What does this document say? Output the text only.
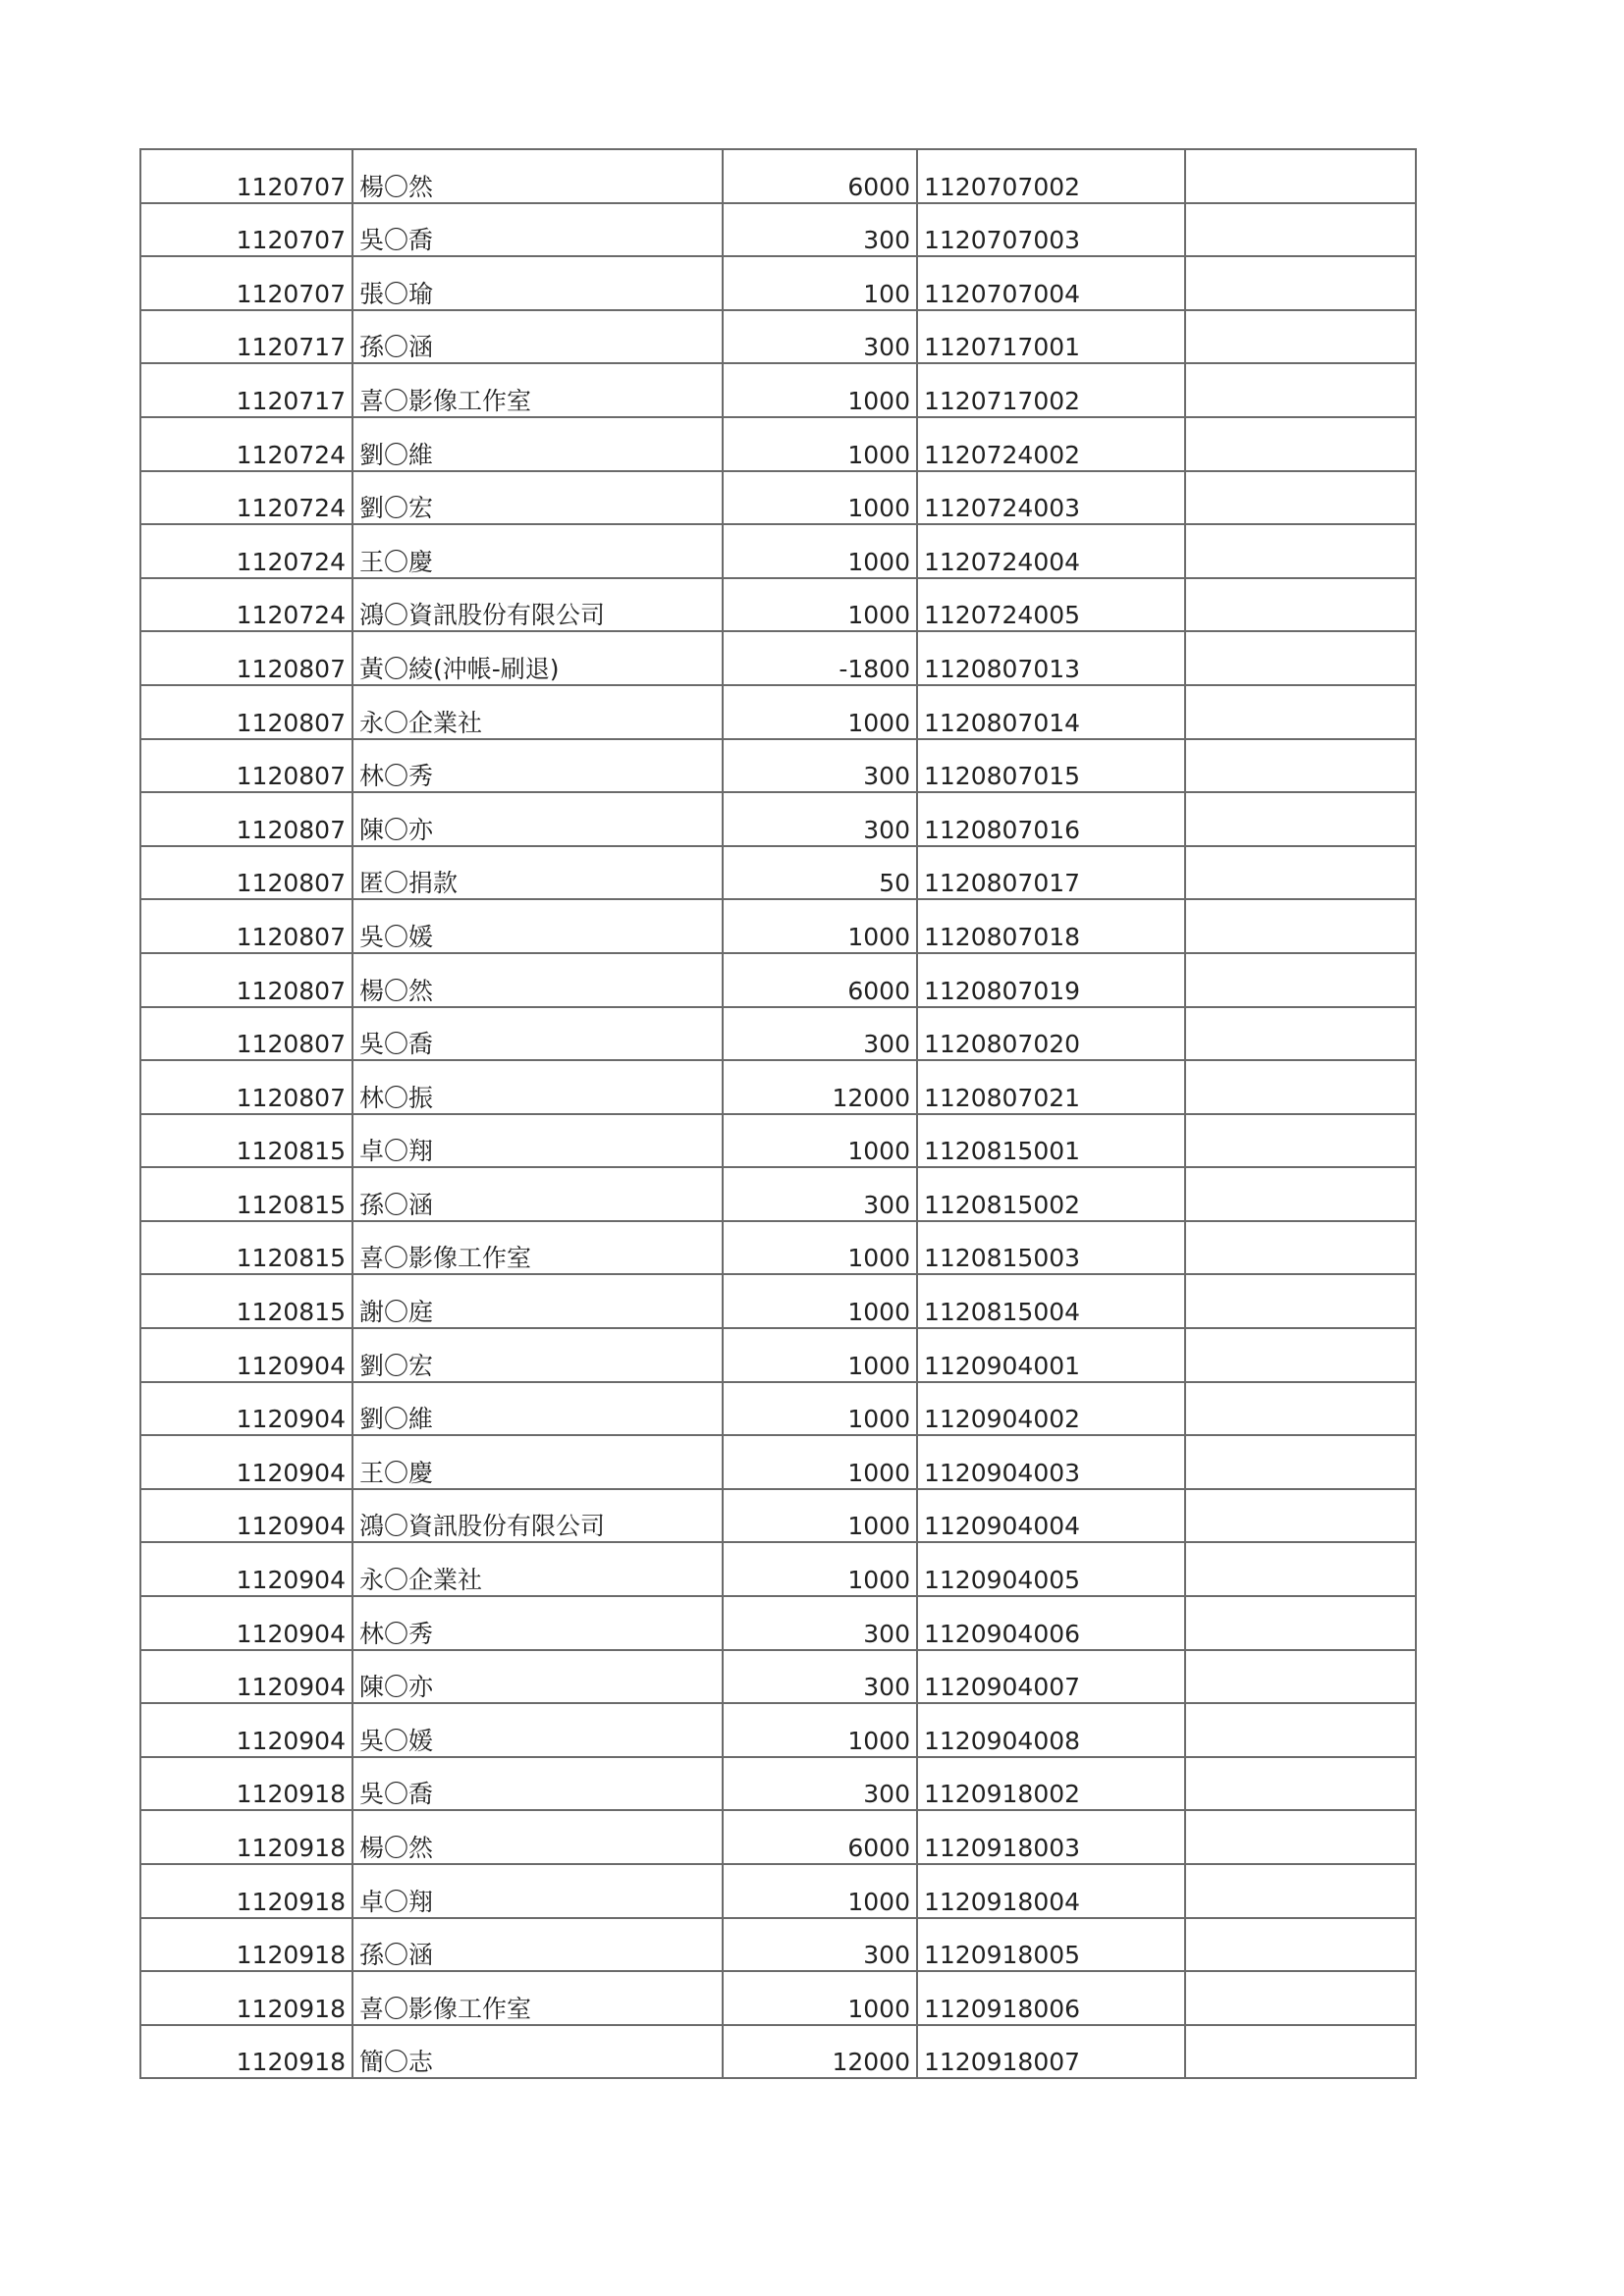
1120707	楊〇然	6000	1120707002	
1120707	吳〇喬	300	1120707003	
1120707	張〇瑜	100	1120707004	
1120717	孫〇涵	300	1120717001	
1120717	喜〇影像工作室	1000	1120717002	
1120724	劉〇維	1000	1120724002	
1120724	劉〇宏	1000	1120724003	
1120724	王〇慶	1000	1120724004	
1120724	鴻〇資訊股份有限公司	1000	1120724005	
1120807	黃〇綾(沖帳-刷退)	-1800	1120807013	
1120807	永〇企業社	1000	1120807014	
1120807	林〇秀	300	1120807015	
1120807	陳〇亦	300	1120807016	
1120807	匿〇捐款	50	1120807017	
1120807	吳〇媛	1000	1120807018	
1120807	楊〇然	6000	1120807019	
1120807	吳〇喬	300	1120807020	
1120807	林〇振	12000	1120807021	
1120815	卓〇翔	1000	1120815001	
1120815	孫〇涵	300	1120815002	
1120815	喜〇影像工作室	1000	1120815003	
1120815	謝〇庭	1000	1120815004	
1120904	劉〇宏	1000	1120904001	
1120904	劉〇維	1000	1120904002	
1120904	王〇慶	1000	1120904003	
1120904	鴻〇資訊股份有限公司	1000	1120904004	
1120904	永〇企業社	1000	1120904005	
1120904	林〇秀	300	1120904006	
1120904	陳〇亦	300	1120904007	
1120904	吳〇媛	1000	1120904008	
1120918	吳〇喬	300	1120918002	
1120918	楊〇然	6000	1120918003	
1120918	卓〇翔	1000	1120918004	
1120918	孫〇涵	300	1120918005	
1120918	喜〇影像工作室	1000	1120918006	
1120918	簡〇志	12000	1120918007	
